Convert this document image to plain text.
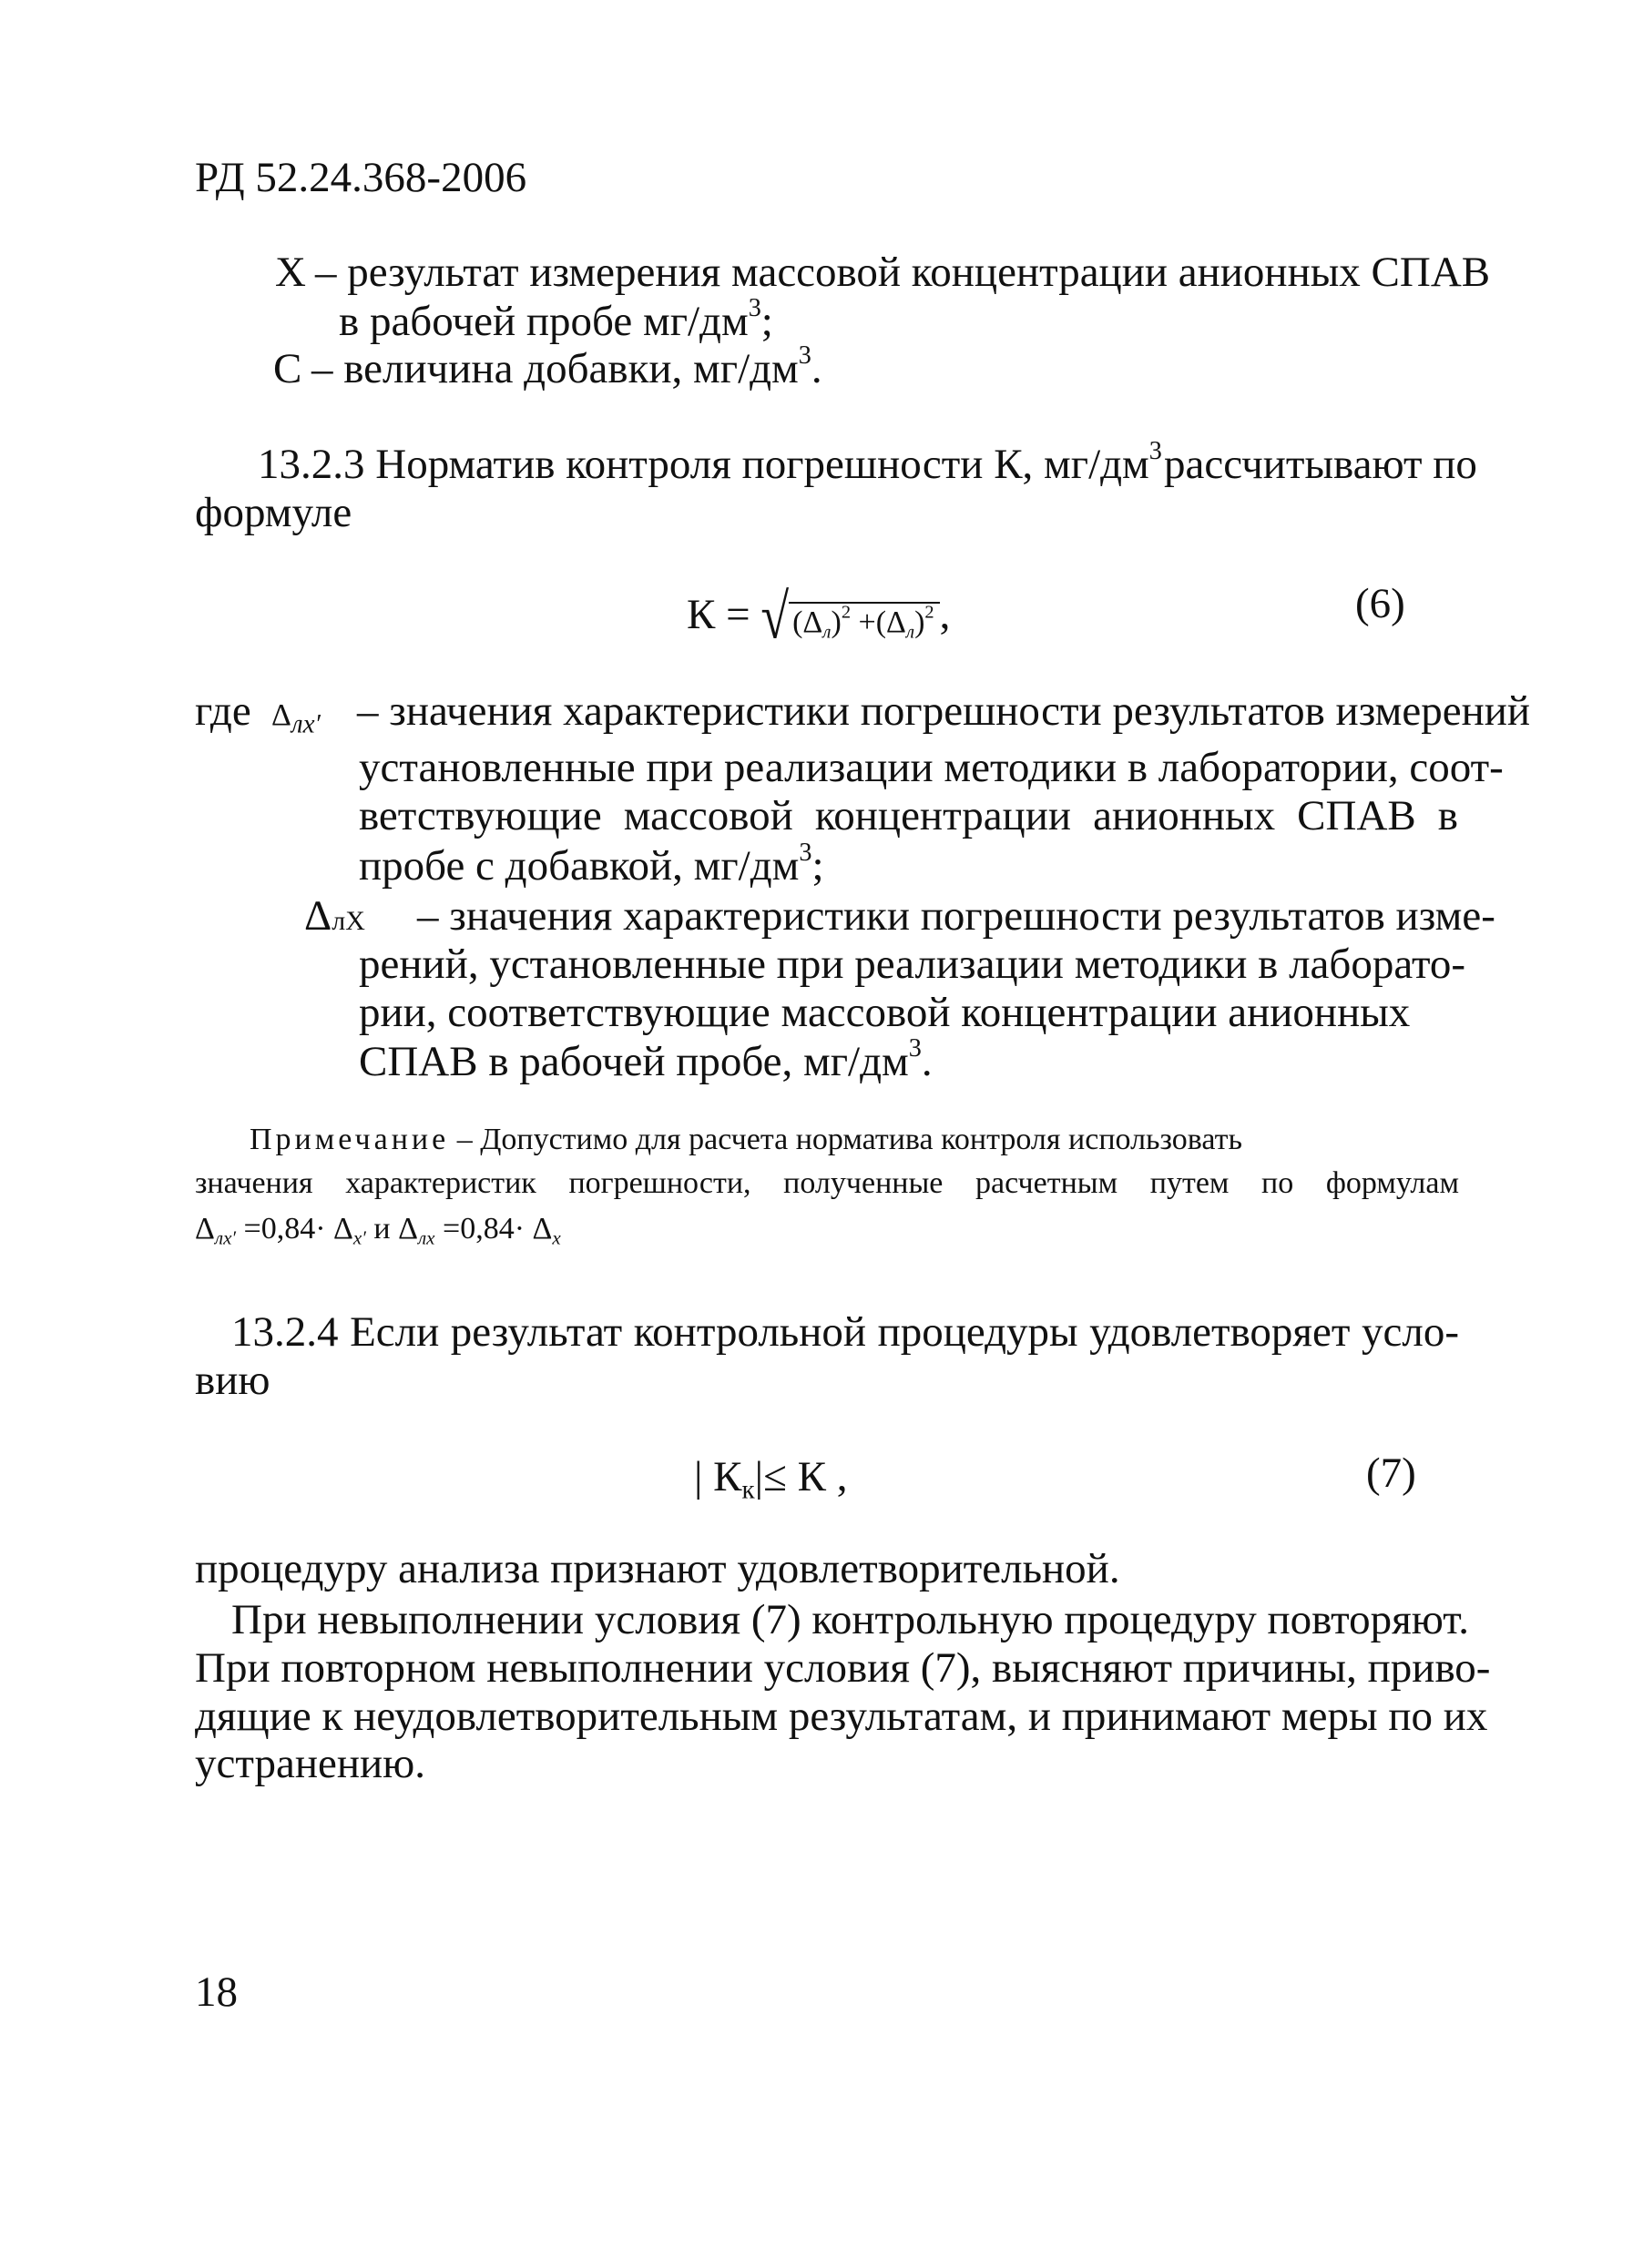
РД 52.24.368-2006
X – результат измерения массовой концентрации анионных СПАВ
в рабочей пробе $мг/дм^3$;
С – величина добавки, $мг/дм^3$.
13.2.3 Норматив контроля погрешности К, $мг/дм^3$ рассчитывают по
формуле
К = √ $(\Delta_л)^2 +(\Delta_л)^2$ ,	(6)
где $\Delta_{лx'}$ – значения характеристики погрешности результатов измерений
установленные при реализации методики в лаборатории, соот-
ветствующие массовой концентрации анионных СПАВ в
пробе с добавкой, $мг/дм^3$;
ΔлX – значения характеристики погрешности результатов изме-
рений, установленные при реализации методики в лаборато-
рии, соответствующие массовой концентрации анионных
СПАВ в рабочей пробе, $мг/дм^3$.
Примечание – Допустимо для расчета норматива контроля использовать
значения характеристик погрешности, полученные расчетным путем по формулам
$\Delta_{лx'} =0,84\cdot \Delta_{x'}$ и $\Delta_{лx} =0,84\cdot \Delta_x$
13.2.4 Если результат контрольной процедуры удовлетворяет усло-
вию
| $К_к|\le К$ ,	(7)
процедуру анализа признают удовлетворительной.
При невыполнении условия (7) контрольную процедуру повторяют.
При повторном невыполнении условия (7), выясняют причины, приво-
дящие к неудовлетворительным результатам, и принимают меры по их
устранению.
18
